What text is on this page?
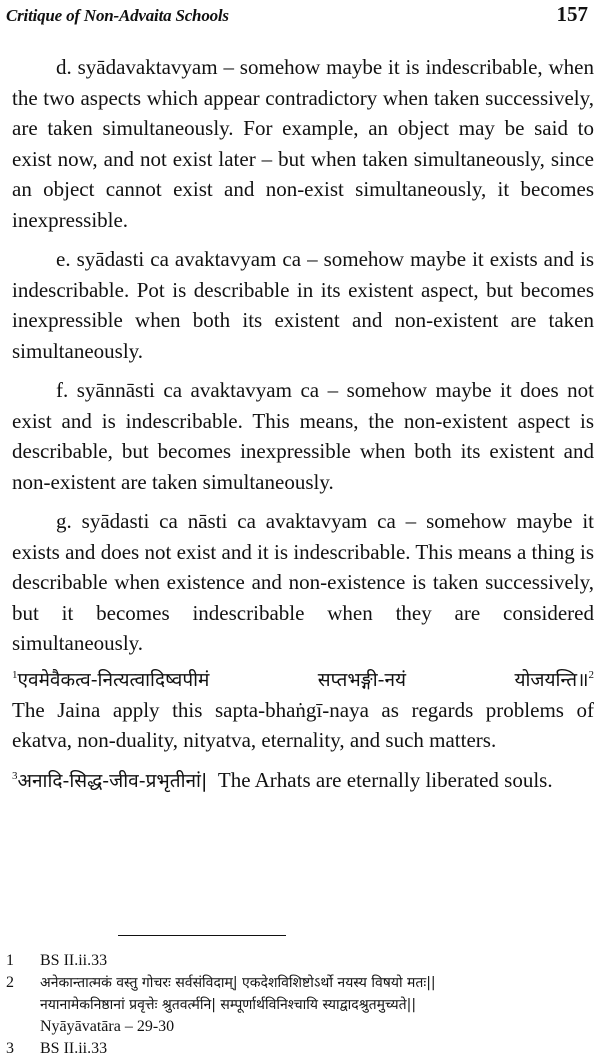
Critique of Non-Advaita Schools	157

d. syādavaktavyam – somehow maybe it is indescribable, when the two aspects which appear contradictory when taken successively, are taken simultaneously. For example, an object may be said to exist now, and not exist later – but when taken simultaneously, since an object cannot exist and non-exist simultaneously, it becomes inexpressible.

e. syādasti ca avaktavyam ca – somehow maybe it exists and is indescribable. Pot is describable in its existent aspect, but becomes inexpressible when both its existent and non-existent are taken simultaneously.

f. syānnāsti ca avaktavyam ca – somehow maybe it does not exist and is indescribable. This means, the non-existent aspect is describable, but becomes inexpressible when both its existent and non-existent are taken simultaneously.

g. syādasti ca nāsti ca avaktavyam ca – somehow maybe it exists and does not exist and it is indescribable. This means a thing is describable when existence and non-existence is taken successively, but it becomes indescribable when they are considered simultaneously.

$^1$एवमेवैकत्व-नित्यत्वादिष्वपीमं सप्तभङ्गी-नयं योजयन्ति॥$^2$

The Jaina apply this sapta-bhaṅgī-naya as regards problems of ekatva, non-duality, nityatva, eternality, and such matters.

$^3$अनादि-सिद्ध-जीव-प्रभृतीनां| The Arhats are eternally liberated souls.

1 BS II.ii.33

2 अनेकान्तात्मकं वस्तु गोचरः सर्वसंविदाम्| एकदेशविशिष्टोऽर्थो नयस्य विषयो मतः||
नयानामेकनिष्ठानां प्रवृत्तेः श्रुतवर्त्मनि| सम्पूर्णार्थविनिश्चायि स्याद्वादश्रुतमुच्यते||
Nyāyāvatāra – 29-30

3 BS II.ii.33
